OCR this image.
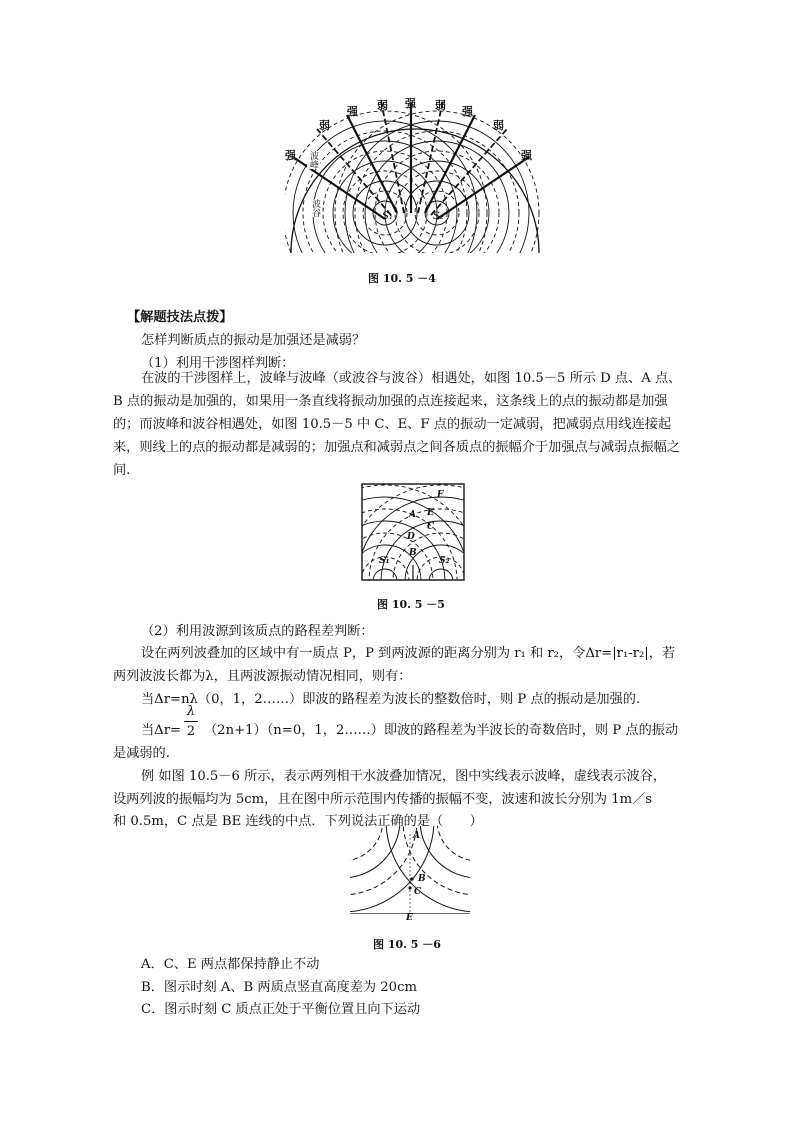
S₁	S₂
强
弱
强 弱 强 弱 强
弱
强
波峰
波谷
图 10. 5 －4
【解题技法点拨】
怎样判断质点的振动是加强还是减弱？
（1）利用干涉图样判断：

在波的干涉图样上，波峰与波峰（或波谷与波谷）相遇处，如图 10.5－5 所示 D 点、A 点、B 点的振动是加强的，如果用一条直线将振动加强的点连接起来，这条线上的点的振动都是加强的；而波峰和波谷相遇处，如图 10.5－5 中 C、E、F 点的振动一定减弱，把减弱点用线连接起来，则线上的点的振动都是减弱的；加强点和减弱点之间各质点的振幅介于加强点与减弱点振幅之间.

F
E
A
C
D
B
S₁	S₂
图 10. 5 －5
（2）利用波源到该质点的路程差判断：
设在两列波叠加的区域中有一质点 P，P 到两波源的距离分别为 r₁ 和 r₂，令Δr=|r₁-r₂|，若
两列波波长都为λ，且两波源振动情况相同，则有：
当Δr=nλ（0，1，2……）即波的路程差为波长的整数倍时，则 P 点的振动是加强的.
当Δr=
λ
2 （2n+1）（n=0，1，2……）即波的路程差为半波长的奇数倍时，则 P 点的振动
是减弱的.
例 如图 10.5－6 所示，表示两列相干水波叠加情况，图中实线表示波峰，虚线表示波谷，
设两列波的振幅均为 5cm，且在图中所示范围内传播的振幅不变，波速和波长分别为 1m／s
和 0.5m，C 点是 BE 连线的中点．下列说法正确的是（　　）
A
B
C
E
图 10. 5 －6
A．C、E 两点都保持静止不动
B．图示时刻 A、B 两质点竖直高度差为 20cm
C．图示时刻 C 质点正处于平衡位置且向下运动
